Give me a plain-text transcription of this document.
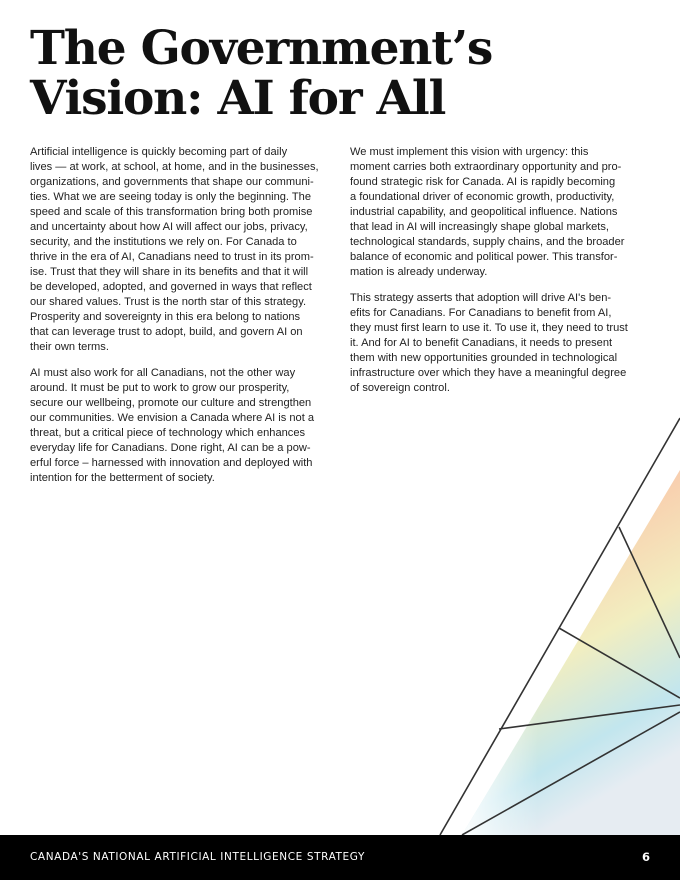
The Government’s
Vision: AI for All

Artificial intelligence is quickly becoming part of daily
lives — at work, at school, at home, and in the businesses,
organizations, and governments that shape our communi-
ties. What we are seeing today is only the beginning. The
speed and scale of this transformation bring both promise
and uncertainty about how AI will affect our jobs, privacy,
security, and the institutions we rely on. For Canada to
thrive in the era of AI, Canadians need to trust in its prom-
ise. Trust that they will share in its benefits and that it will
be developed, adopted, and governed in ways that reflect
our shared values. Trust is the north star of this strategy.
Prosperity and sovereignty in this era belong to nations
that can leverage trust to adopt, build, and govern AI on
their own terms.

AI must also work for all Canadians, not the other way
around. It must be put to work to grow our prosperity,
secure our wellbeing, promote our culture and strengthen
our communities. We envision a Canada where AI is not a
threat, but a critical piece of technology which enhances
everyday life for Canadians. Done right, AI can be a pow-
erful force – harnessed with innovation and deployed with
intention for the betterment of society.

We must implement this vision with urgency: this
moment carries both extraordinary opportunity and pro-
found strategic risk for Canada. AI is rapidly becoming
a foundational driver of economic growth, productivity,
industrial capability, and geopolitical influence. Nations
that lead in AI will increasingly shape global markets,
technological standards, supply chains, and the broader
balance of economic and political power. This transfor-
mation is already underway.

This strategy asserts that adoption will drive AI's ben-
efits for Canadians. For Canadians to benefit from AI,
they must first learn to use it. To use it, they need to trust
it. And for AI to benefit Canadians, it needs to present
them with new opportunities grounded in technological
infrastructure over which they have a meaningful degree
of sovereign control.

CANADA'S NATIONAL ARTIFICIAL INTELLIGENCE STRATEGY	6
